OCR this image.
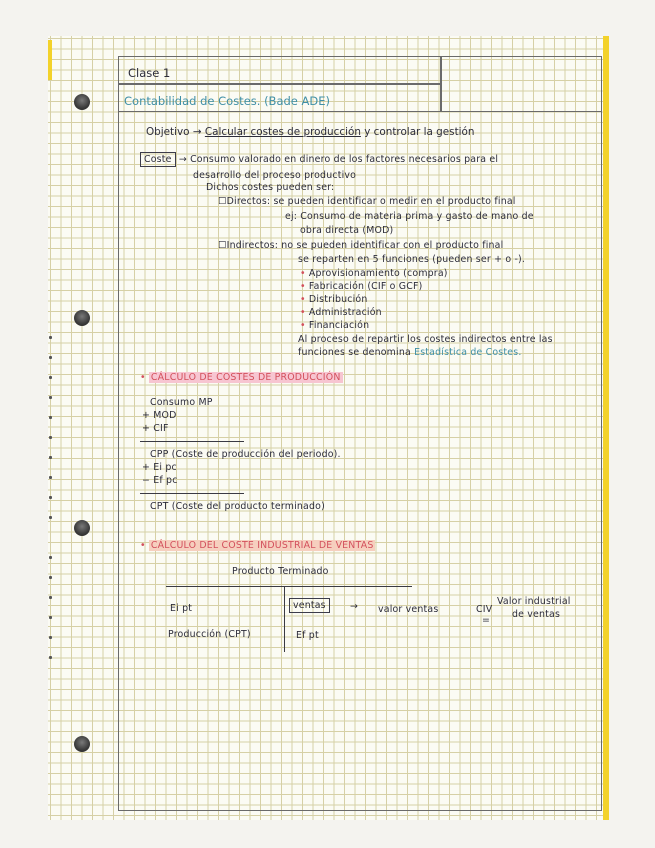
Clase 1
Contabilidad de Costes. (Bade ADE)
Objetivo → Calcular costes de producción y controlar la gestión
Coste → Consumo valorado en dinero de los factores necesarios para el
desarrollo del proceso productivo
Dichos costes pueden ser:
☐Directos: se pueden identificar o medir en el producto final
ej: Consumo de materia prima y gasto de mano de
obra directa (MOD)
☐Indirectos: no se pueden identificar con el producto final
se reparten en 5 funciones (pueden ser + o -).
• Aprovisionamiento (compra)
• Fabricación (CIF o GCF)
• Distribución
• Administración
• Financiación
Al proceso de repartir los costes indirectos entre las
funciones se denomina Estadística de Costes.
• CÁLCULO DE COSTES DE PRODUCCIÓN
Consumo MP
+ MOD
+ CIF
CPP (Coste de producción del periodo).
+ Ei pc
− Ef pc
CPT (Coste del producto terminado)
• CÁLCULO DEL COSTE INDUSTRIAL DE VENTAS
Producto Terminado
Ei pt
Producción (CPT)
ventas	→ valor ventas	CIV
=
Valor industrial
de ventas
Ef pt
